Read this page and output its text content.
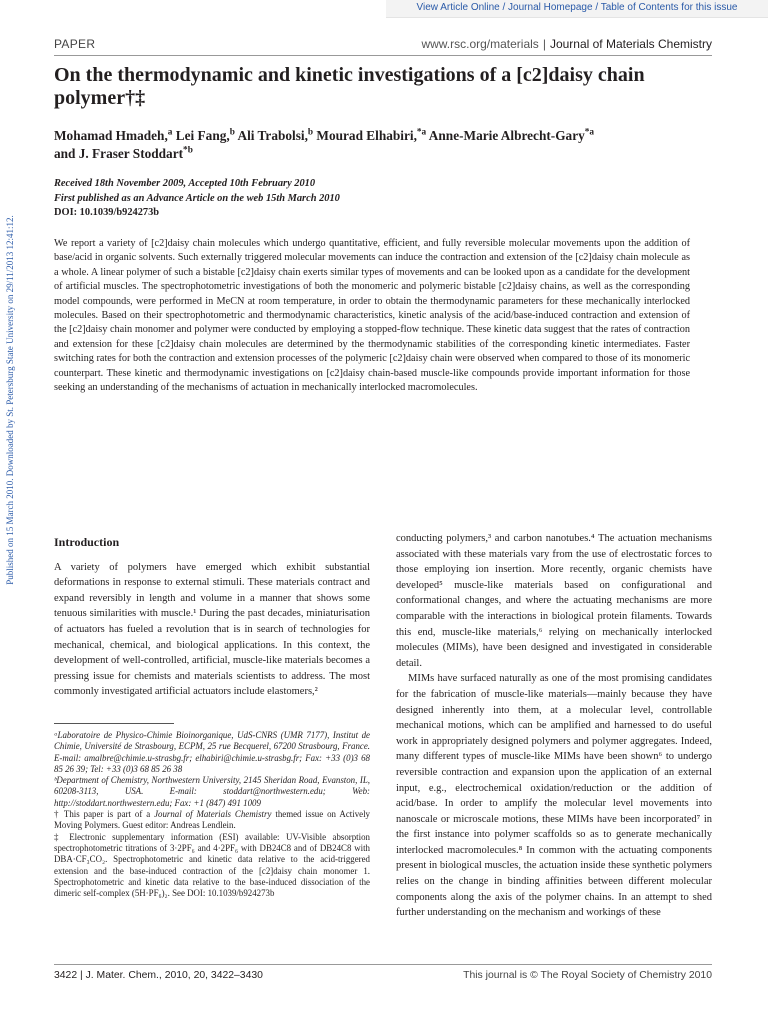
View Article Online / Journal Homepage / Table of Contents for this issue
PAPER	www.rsc.org/materials | Journal of Materials Chemistry
On the thermodynamic and kinetic investigations of a [c2]daisy chain polymer†‡
Mohamad Hmadeh,$^a$ Lei Fang,$^b$ Ali Trabolsi,$^b$ Mourad Elhabiri,$^{*a}$ Anne-Marie Albrecht-Gary$^{*a}$
and J. Fraser Stoddart$^{*b}$
Received 18th November 2009, Accepted 10th February 2010
First published as an Advance Article on the web 15th March 2010
DOI: 10.1039/b924273b
We report a variety of [c2]daisy chain molecules which undergo quantitative, efficient, and fully reversible molecular movements upon the addition of base/acid in organic solvents. Such externally triggered molecular movements can induce the contraction and extension of the [c2]daisy chain molecule as a whole. A linear polymer of such a bistable [c2]daisy chain exerts similar types of movements and can be looked upon as a candidate for the development of artificial muscles. The spectrophotometric investigations of both the monomeric and polymeric bistable [c2]daisy chains, as well as the corresponding model compounds, were performed in MeCN at room temperature, in order to obtain the thermodynamic parameters for these mechanically interlocked molecules. Based on their spectrophotometric and thermodynamic characteristics, kinetic analysis of the acid/base-induced contraction and extension of the [c2]daisy chain monomer and polymer were conducted by employing a stopped-flow technique. These kinetic data suggest that the rates of contraction and extension for these [c2]daisy chain molecules are determined by the thermodynamic stabilities of the corresponding kinetic intermediates. Faster switching rates for both the contraction and extension processes of the polymeric [c2]daisy chain were observed when compared to those of its monomeric counterpart. These kinetic and thermodynamic investigations on [c2]daisy chain-based muscle-like compounds provide important information for those seeking an understanding of the mechanisms of actuation in mechanically interlocked macromolecules.
Published on 15 March 2010. Downloaded by St. Petersburg State University on 29/11/2013 12:41:12.	Introduction

A variety of polymers have emerged which exhibit substantial deformations in response to external stimuli. These materials contract and expand reversibly in length and volume in a manner that shows some tenuous similarities with muscle.¹ During the past decades, miniaturisation of actuators has fueled a revolution that is in search of technologies for mechanical, chemical, and biological applications. In this context, the development of well-controlled, artificial, muscle-like materials becomes a pressing issue for chemists and materials scientists to address. The most commonly investigated artificial actuators include elastomers,²

ᵃLaboratoire de Physico-Chimie Bioinorganique, UdS-CNRS (UMR 7177), Institut de Chimie, Université de Strasbourg, ECPM, 25 rue Becquerel, 67200 Strasbourg, France. E-mail: amalbre@chimie.u-strasbg.fr; elhabiri@chimie.u-strasbg.fr; Fax: +33 (0)3 68 85 26 39; Tel: +33 (0)3 68 85 26 38

ᵇDepartment of Chemistry, Northwestern University, 2145 Sheridan Road, Evanston, IL, 60208-3113, USA. E-mail: stoddart@northwestern.edu; Web: http://stoddart.northwestern.edu; Fax: +1 (847) 491 1009

† This paper is part of a Journal of Materials Chemistry themed issue on Actively Moving Polymers. Guest editor: Andreas Lendlein.

‡ Electronic supplementary information (ESI) available: UV-Visible absorption spectrophotometric titrations of 3·2PF₆ and 4·2PF₆ with DB24C8 and of DB24C8 with DBA·CF₃CO₂. Spectrophotometric and kinetic data relative to the acid-triggered extension and the base-induced contraction of the [c2]daisy chain monomer 1. Spectrophotometric and kinetic data relative to the base-induced dissociation of the dimeric self-complex (5H·PF₆)₂. See DOI: 10.1039/b924273b

conducting polymers,³ and carbon nanotubes.⁴ The actuation mechanisms associated with these materials vary from the use of electrostatic forces to those employing ion insertion. More recently, organic chemists have developed⁵ muscle-like materials based on configurational and conformational changes, and where the actuating mechanisms are more comparable with the interactions in biological protein filaments. Towards this end, muscle-like materials,⁶ relying on mechanically interlocked molecules (MIMs), have been designed and investigated in considerable detail.

MIMs have surfaced naturally as one of the most promising candidates for the fabrication of muscle-like materials—mainly because they have designed inherently into them, at a molecular level, controllable mechanical motions, which can be amplified and harnessed to do useful work in appropriately designed polymers and polymer aggregates. Indeed, many different types of muscle-like MIMs have been shown⁶ to undergo reversible contraction and expansion upon the application of an external input, e.g., electrochemical oxidation/reduction or the addition of acid/base. In order to amplify the molecular level movements into nanoscale or microscale motions, these MIMs have been incorporated⁷ in the first instance into polymer scaffolds so as to generate mechanically interlocked macromolecules.⁸ In common with the actuating components present in biological muscles, the actuation inside these synthetic polymers relies on the change in binding affinities between different molecular components along the axis of the polymer chains. In an attempt to shed further understanding on the mechanism and workings of these

3422 | J. Mater. Chem., 2010, 20, 3422–3430	This journal is © The Royal Society of Chemistry 2010
